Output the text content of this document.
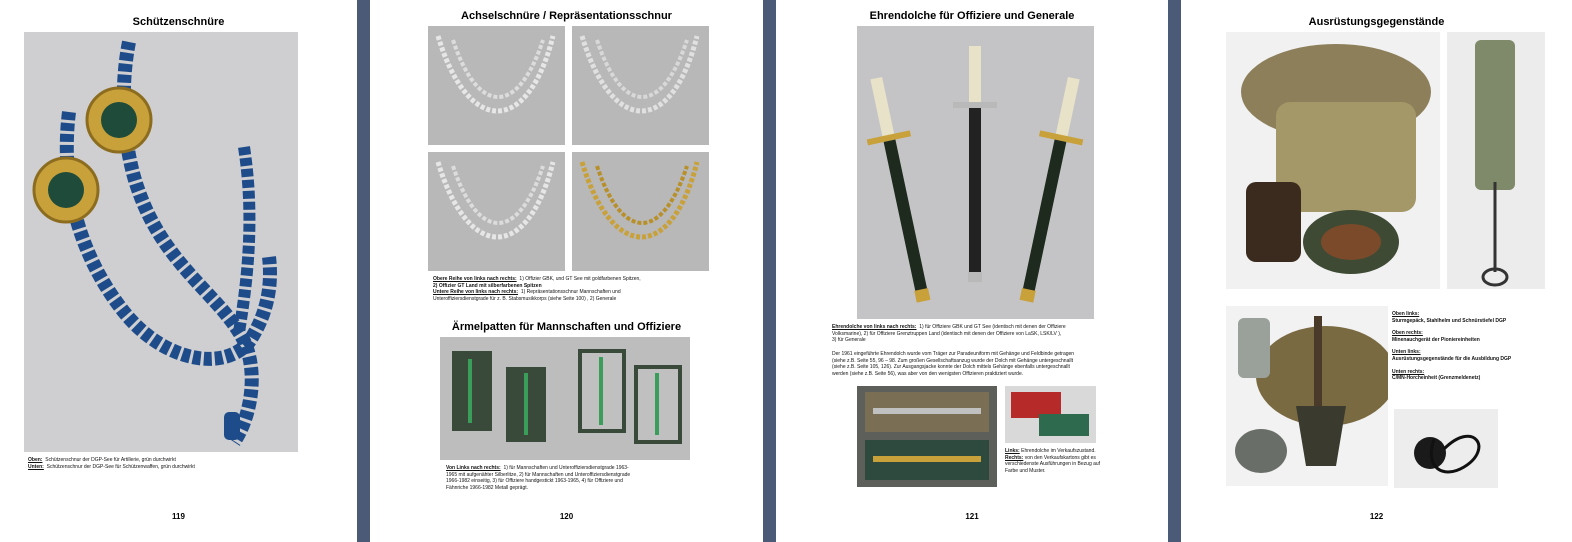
Schützenschnüre
Oben: Schützenschnur der DGP-See für Artillerie, grün durchwirkt
Unten: Schützenschnur der DGP-See für Schützenwaffen, grün durchwirkt
119
Achselschnüre / Repräsentationsschnur
Obere Reihe von links nach rechts: 1) Offizier GBK, und GT See mit goldfarbenen Spitzen,
2) Offizier GT Land mit silberfarbenen Spitzen
Untere Reihe von links nach rechts: 1) Repräsentationsschnur Mannschaften und
Unteroffiziersdienstgrade für z. B. Stabsmusikkorps (siehe Seite 100) , 2) Generale
Ärmelpatten für Mannschaften und Offiziere
Von Links nach rechts: 1) für Mannschaften und Unteroffiziersdienstgrade 1963-
1965 mit aufgenähter Silberlitze, 2) für Mannschaften und Unteroffiziersdienstgrade
1966-1982 einseitig, 3) für Offiziere handgestickt 1963-1965, 4) für Offiziere und
Fähnriche 1966-1982 Metall geprägt.
120
Ehrendolche für Offiziere und Generale
Ehrendolche von links nach rechts: 1) für Offiziere GBK und GT See (identisch mit denen der Offiziere
Volksmarine), 2) für Offiziere Grenztruppen Land (identisch mit denen der Offiziere von LaSK, LSK/LV ),
3) für Generale
Der 1961 eingeführte Ehrendolch wurde vom Träger zur Paradeuniform mit Gehänge und Feldbinde getragen
(siehe z.B. Seite 55, 96 – 98. Zum großen Gesellschaftsanzug wurde der Dolch mit Gehänge untergeschnallt
(siehe z.B. Seite 105, 126). Zur Ausgangsjacke konnte der Dolch mittels Gehänge ebenfalls untergeschnallt
werden (siehe z.B. Seite 56), was aber von den wenigsten Offizieren praktiziert wurde.
Links: Ehrendolche im Verkaufszustand.
Rechts: von den Verkaufskartons gibt es
verschiedenste Ausführungen in Bezug auf
Farbe und Muster.
121
Ausrüstungsgegenstände
Oben links:
Sturmgepäck, Stahlhelm und Schnürstiefel DGP
Oben rechts:
Minenauchgerät der Pioniereinheiten
Unten links:
Ausrüstungsgegenstände für die Ausbildung DGP
Unten rechts:
C/MN-Horcheinheit (Grenzmeldenetz)
122
